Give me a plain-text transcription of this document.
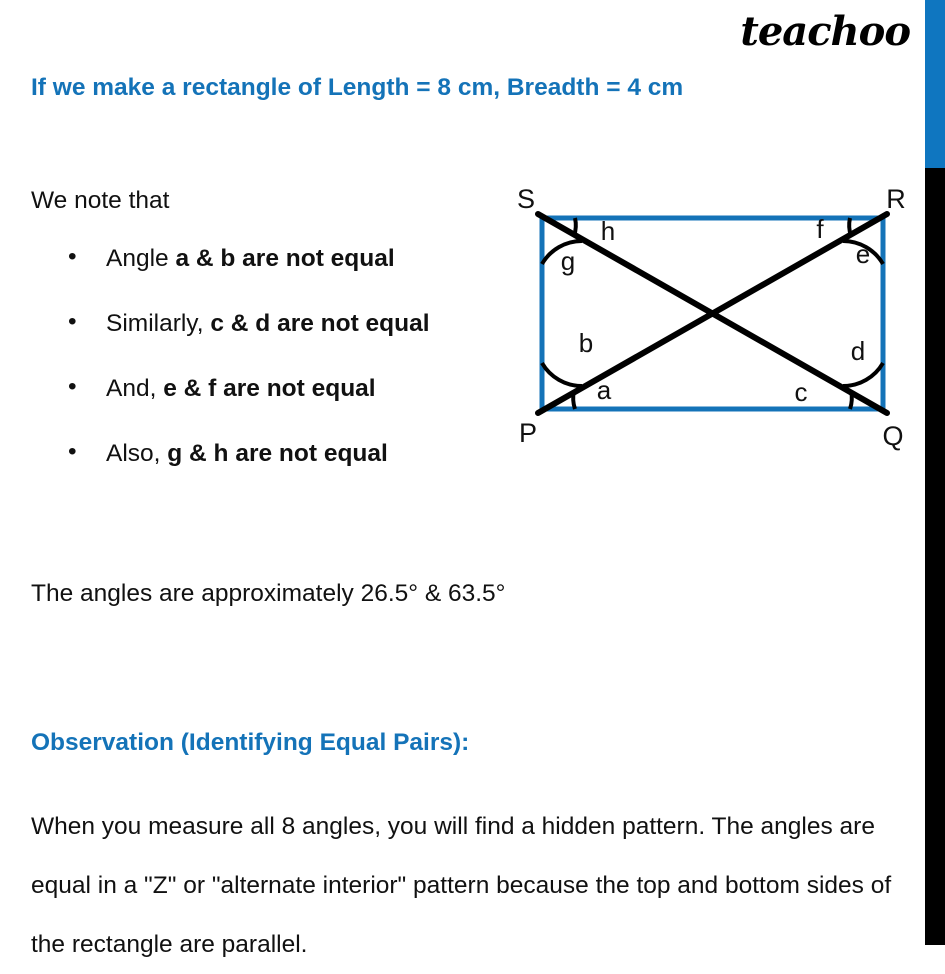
teachoo
If we make a rectangle of Length = 8 cm, Breadth = 4 cm
We note that
• Angle a & b are not equal
• Similarly, c & d are not equal
• And, e & f are not equal
• Also, g & h are not equal
The angles are approximately 26.5° & 63.5°
Observation (Identifying Equal Pairs):

When you measure all 8 angles, you will find a hidden pattern. The angles are equal in a "Z" or "alternate interior" pattern because the top and bottom sides of the rectangle are parallel.

S	R
P	Q
a
b
c
d
e
f
g
h
